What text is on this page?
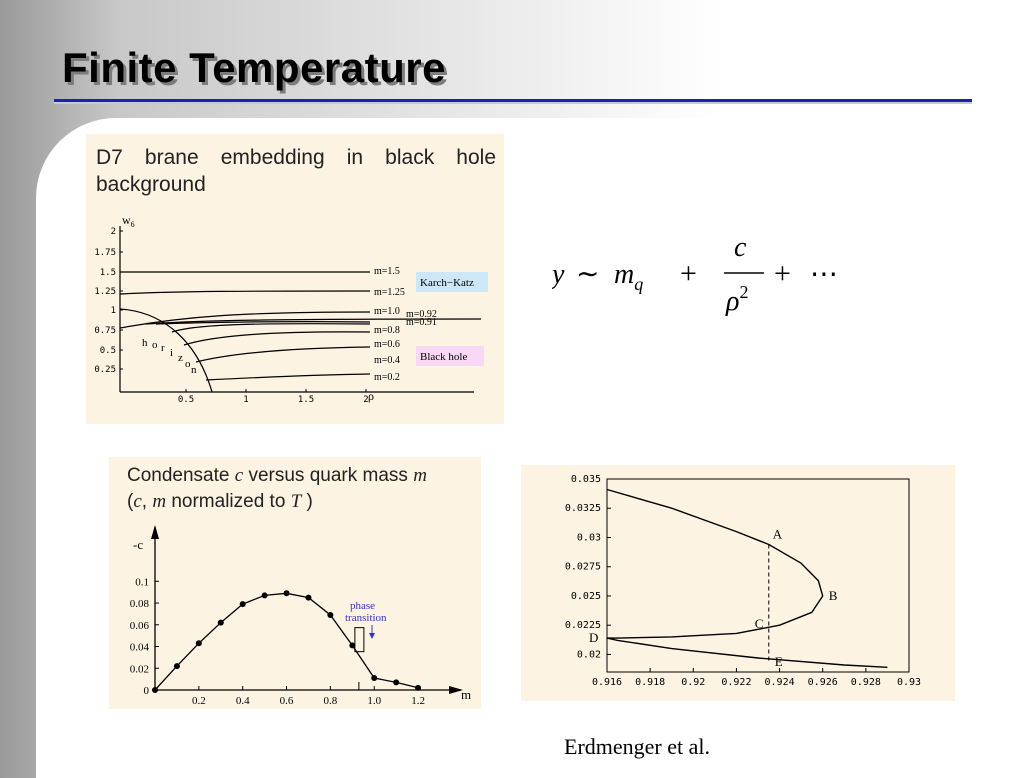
Finite Temperature
D7 brane embedding in black hole
background
$w_6$
ρ
2
1.75
1.5
1.25
1
0.75
0.5
0.25
0.5	1	1.5	2
m=1.5
m=1.25
m=1.0 m=0.92
m=0.91
m=0.8
m=0.6
m=0.4
m=0.2
h o r i z o n
Karch−Katz
Black hole
y ∼ $m_q$ +
c
$\rho^2$
+ ⋯
Condensate c versus quark mass m
(c, m normalized to T )
-c
m
0.2	0.4	0.6	0.8	1.0	1.2
0.1
0.08
0.06
0.04
0.02
0
phase
transition
0.035
0.0325
0.03
0.0275
0.025
0.0225
0.02
0.916 0.918 0.92 0.922 0.924 0.926 0.928 0.93
A
B
C
D
E
Erdmenger et al.
